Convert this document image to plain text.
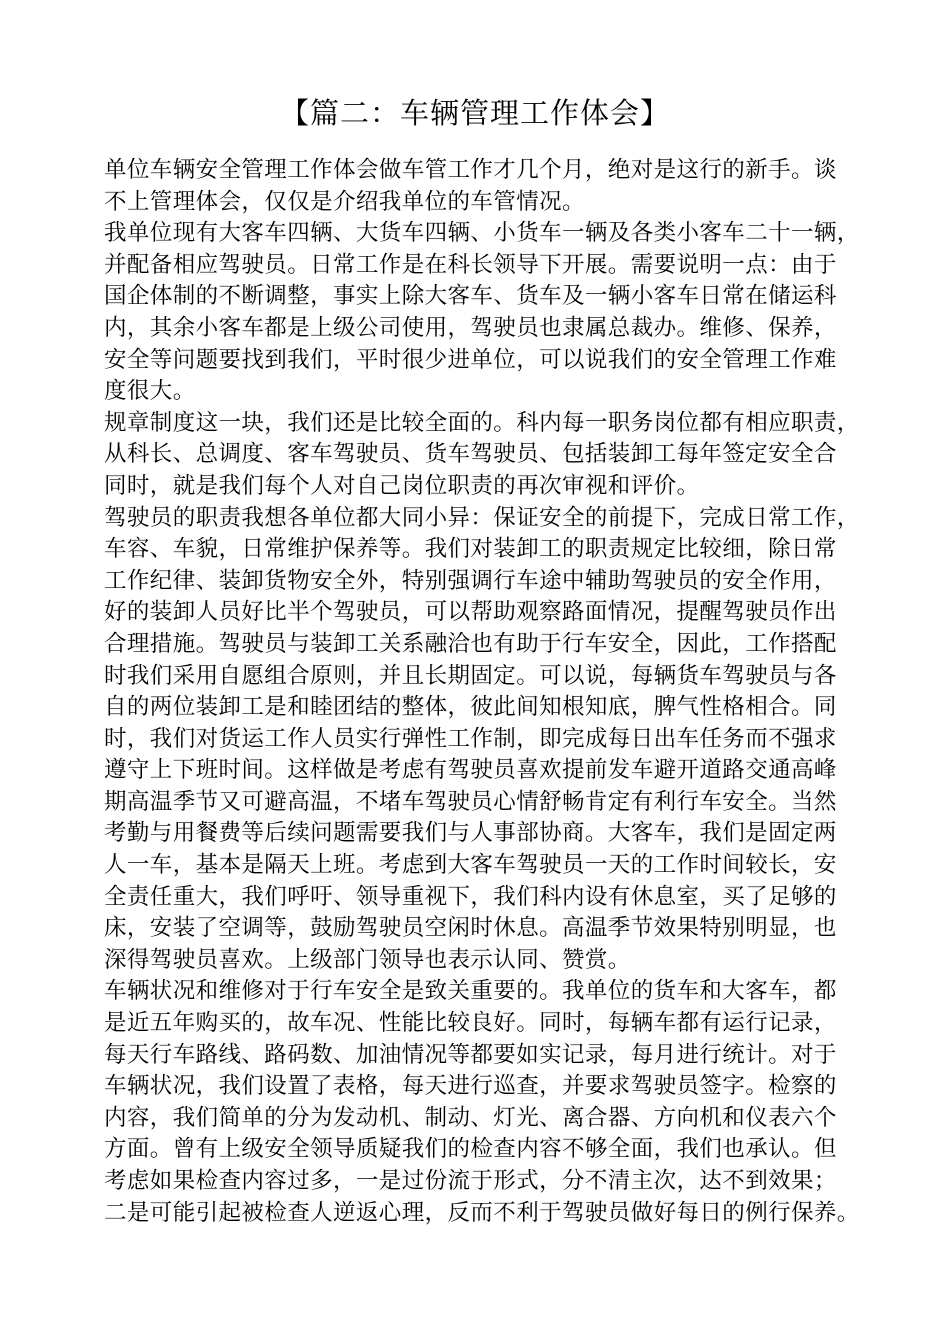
【篇二：车辆管理工作体会】
单位车辆安全管理工作体会做车管工作才几个月，绝对是这行的新手。谈
不上管理体会，仅仅是介绍我单位的车管情况。
我单位现有大客车四辆、大货车四辆、小货车一辆及各类小客车二十一辆，
并配备相应驾驶员。日常工作是在科长领导下开展。需要说明一点：由于
国企体制的不断调整，事实上除大客车、货车及一辆小客车日常在储运科
内，其余小客车都是上级公司使用，驾驶员也隶属总裁办。维修、保养，
安全等问题要找到我们，平时很少进单位，可以说我们的安全管理工作难
度很大。
规章制度这一块，我们还是比较全面的。科内每一职务岗位都有相应职责，
从科长、总调度、客车驾驶员、货车驾驶员、包括装卸工每年签定安全合
同时，就是我们每个人对自己岗位职责的再次审视和评价。
驾驶员的职责我想各单位都大同小异：保证安全的前提下，完成日常工作，
车容、车貌，日常维护保养等。我们对装卸工的职责规定比较细，除日常
工作纪律、装卸货物安全外，特别强调行车途中辅助驾驶员的安全作用，
好的装卸人员好比半个驾驶员，可以帮助观察路面情况，提醒驾驶员作出
合理措施。驾驶员与装卸工关系融洽也有助于行车安全，因此，工作搭配
时我们采用自愿组合原则，并且长期固定。可以说，每辆货车驾驶员与各
自的两位装卸工是和睦团结的整体，彼此间知根知底，脾气性格相合。同
时，我们对货运工作人员实行弹性工作制，即完成每日出车任务而不强求
遵守上下班时间。这样做是考虑有驾驶员喜欢提前发车避开道路交通高峰
期高温季节又可避高温，不堵车驾驶员心情舒畅肯定有利行车安全。当然
考勤与用餐费等后续问题需要我们与人事部协商。大客车，我们是固定两
人一车，基本是隔天上班。考虑到大客车驾驶员一天的工作时间较长，安
全责任重大，我们呼吁、领导重视下，我们科内设有休息室，买了足够的
床，安装了空调等，鼓励驾驶员空闲时休息。高温季节效果特别明显，也
深得驾驶员喜欢。上级部门领导也表示认同、赞赏。
车辆状况和维修对于行车安全是致关重要的。我单位的货车和大客车，都
是近五年购买的，故车况、性能比较良好。同时，每辆车都有运行记录，
每天行车路线、路码数、加油情况等都要如实记录，每月进行统计。对于
车辆状况，我们设置了表格，每天进行巡查，并要求驾驶员签字。检察的
内容，我们简单的分为发动机、制动、灯光、离合器、方向机和仪表六个
方面。曾有上级安全领导质疑我们的检查内容不够全面，我们也承认。但
考虑如果检查内容过多，一是过份流于形式，分不清主次，达不到效果；
二是可能引起被检查人逆返心理，反而不利于驾驶员做好每日的例行保养。
